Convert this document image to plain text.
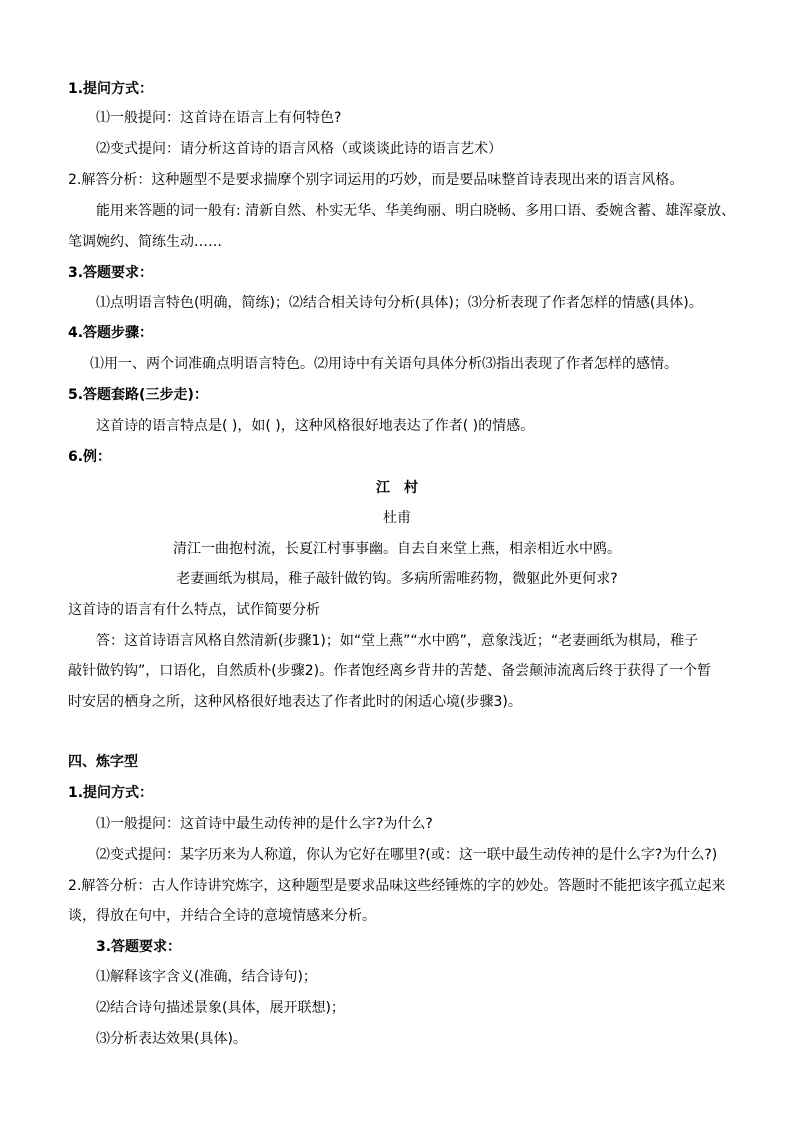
1.提问方式：
⑴一般提问：这首诗在语言上有何特色?
⑵变式提问：请分析这首诗的语言风格（或谈谈此诗的语言艺术）
2.解答分析：这种题型不是要求揣摩个别字词运用的巧妙，而是要品味整首诗表现出来的语言风格。
能用来答题的词一般有: 清新自然、朴实无华、华美绚丽、明白晓畅、多用口语、委婉含蓄、雄浑豪放、
笔调婉约、简练生动……
3.答题要求：
⑴点明语言特色(明确，简练)；⑵结合相关诗句分析(具体)；⑶分析表现了作者怎样的情感(具体)。
4.答题步骤：
⑴用一、两个词准确点明语言特色。⑵用诗中有关语句具体分析⑶指出表现了作者怎样的感情。
5.答题套路(三步走)：
这首诗的语言特点是( )，如( )，这种风格很好地表达了作者( )的情感。
6.例：
江　村
杜甫
清江一曲抱村流，长夏江村事事幽。自去自来堂上燕，相亲相近水中鸥。
老妻画纸为棋局，稚子敲针做钓钩。多病所需唯药物，微躯此外更何求?
这首诗的语言有什么特点，试作简要分析
答：这首诗语言风格自然清新(步骤1)；如“堂上燕”“水中鸥”，意象浅近；“老妻画纸为棋局，稚子
敲针做钓钩”，口语化，自然质朴(步骤2)。作者饱经离乡背井的苦楚、备尝颠沛流离后终于获得了一个暂
时安居的栖身之所，这种风格很好地表达了作者此时的闲适心境(步骤3)。
四、炼字型
1.提问方式：
⑴一般提问：这首诗中最生动传神的是什么字?为什么?
⑵变式提问：某字历来为人称道，你认为它好在哪里?(或：这一联中最生动传神的是什么字?为什么?)
2.解答分析：古人作诗讲究炼字，这种题型是要求品味这些经锤炼的字的妙处。答题时不能把该字孤立起来
谈，得放在句中，并结合全诗的意境情感来分析。
3.答题要求：
⑴解释该字含义(准确，结合诗句)；
⑵结合诗句描述景象(具体，展开联想)；
⑶分析表达效果(具体)。
